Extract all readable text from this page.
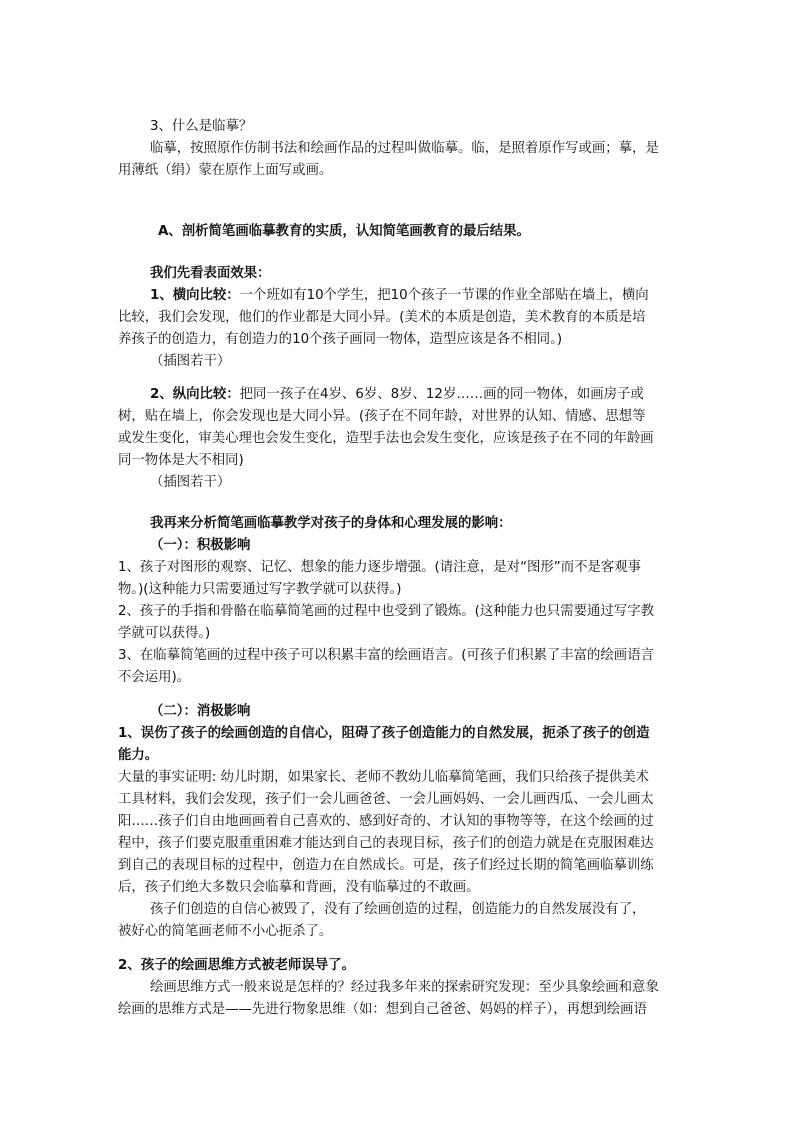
3、什么是临摹？
临摹，按照原作仿制书法和绘画作品的过程叫做临摹。临，是照着原作写或画；摹，是
用薄纸（绢）蒙在原作上面写或画。
A、剖析简笔画临摹教育的实质，认知简笔画教育的最后结果。
我们先看表面效果：
1、横向比较：一个班如有10个学生，把10个孩子一节课的作业全部贴在墙上，横向
比较，我们会发现，他们的作业都是大同小异。(美术的本质是创造，美术教育的本质是培
养孩子的创造力，有创造力的10个孩子画同一物体，造型应该是各不相同。)
（插图若干）
2、纵向比较：把同一孩子在4岁、6岁、8岁、12岁……画的同一物体，如画房子或
树，贴在墙上，你会发现也是大同小异。(孩子在不同年龄，对世界的认知、情感、思想等
或发生变化，审美心理也会发生变化，造型手法也会发生变化，应该是孩子在不同的年龄画
同一物体是大不相同)
（插图若干）
我再来分析简笔画临摹教学对孩子的身体和心理发展的影响：
（一）：积极影响
1、孩子对图形的观察、记忆、想象的能力逐步增强。(请注意，是对“图形”而不是客观事
物。)(这种能力只需要通过写字教学就可以获得。)
2、孩子的手指和骨骼在临摹简笔画的过程中也受到了锻炼。(这种能力也只需要通过写字教
学就可以获得。)
3、在临摹简笔画的过程中孩子可以积累丰富的绘画语言。(可孩子们积累了丰富的绘画语言
不会运用)。
（二）：消极影响
1、误伤了孩子的绘画创造的自信心，阻碍了孩子创造能力的自然发展，扼杀了孩子的创造
能力。
大量的事实证明: 幼儿时期，如果家长、老师不教幼儿临摹简笔画，我们只给孩子提供美术
工具材料，我们会发现，孩子们一会儿画爸爸、一会儿画妈妈、一会儿画西瓜、一会儿画太
阳……孩子们自由地画画着自己喜欢的、感到好奇的、才认知的事物等等，在这个绘画的过
程中，孩子们要克服重重困难才能达到自己的表现目标，孩子们的创造力就是在克服困难达
到自己的表现目标的过程中，创造力在自然成长。可是，孩子们经过长期的简笔画临摹训练
后，孩子们绝大多数只会临摹和背画，没有临摹过的不敢画。
孩子们创造的自信心被毁了，没有了绘画创造的过程，创造能力的自然发展没有了，
被好心的简笔画老师不小心扼杀了。
2、孩子的绘画思维方式被老师误导了。
绘画思维方式一般来说是怎样的？经过我多年来的探索研究发现：至少具象绘画和意象
绘画的思维方式是——先进行物象思维（如：想到自己爸爸、妈妈的样子），再想到绘画语
